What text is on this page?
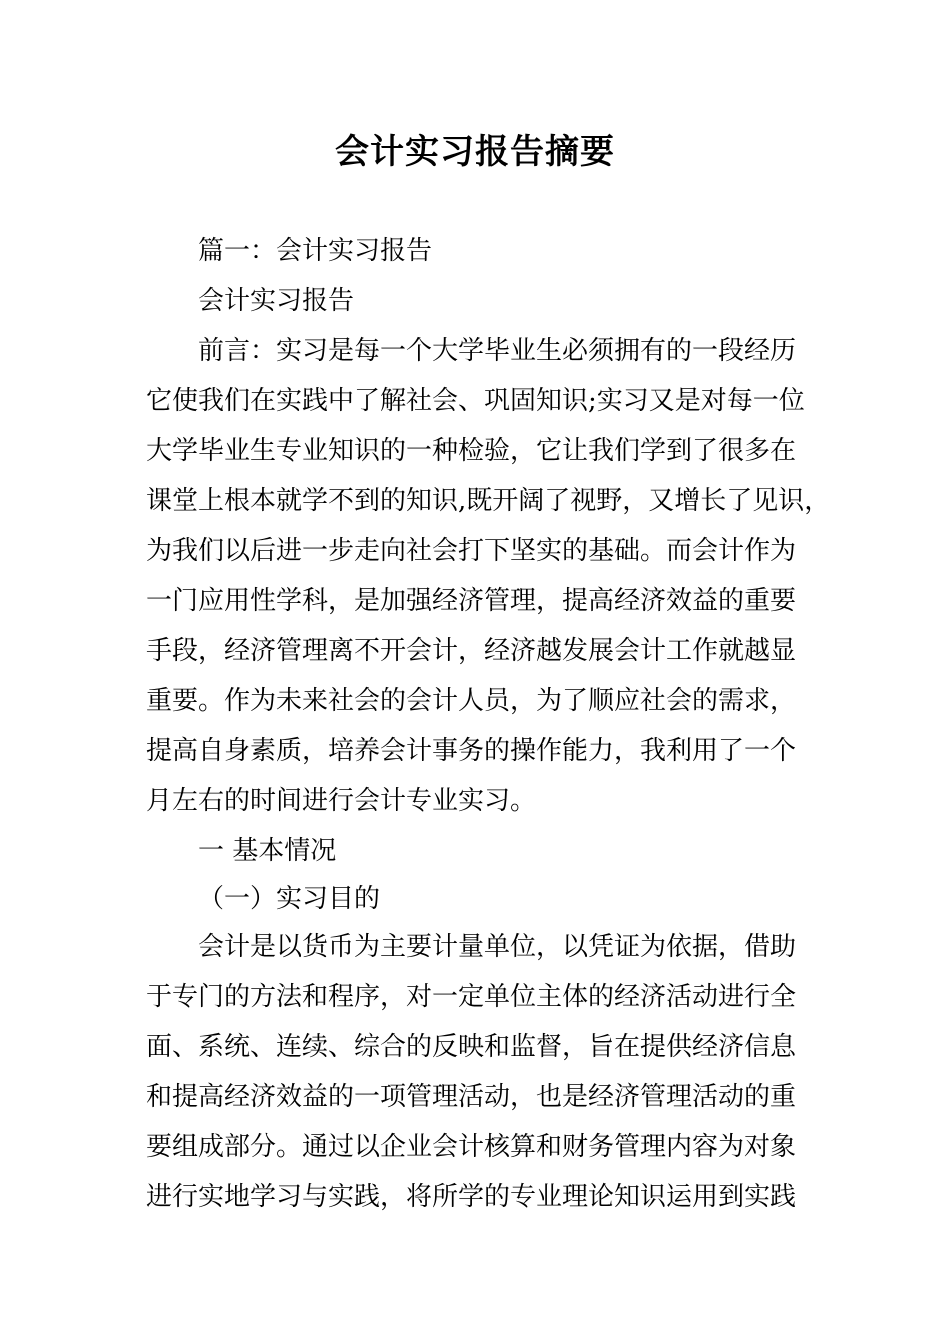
会计实习报告摘要
篇一：会计实习报告
会计实习报告
前言：实习是每一个大学毕业生必须拥有的一段经历
它使我们在实践中了解社会、巩固知识;实习又是对每一位
大学毕业生专业知识的一种检验，它让我们学到了很多在
课堂上根本就学不到的知识,既开阔了视野，又增长了见识，
为我们以后进一步走向社会打下坚实的基础。而会计作为
一门应用性学科，是加强经济管理，提高经济效益的重要
手段，经济管理离不开会计，经济越发展会计工作就越显
重要。作为未来社会的会计人员，为了顺应社会的需求，
提高自身素质，培养会计事务的操作能力，我利用了一个
月左右的时间进行会计专业实习。
一 基本情况
（一）实习目的
会计是以货币为主要计量单位，以凭证为依据，借助
于专门的方法和程序，对一定单位主体的经济活动进行全
面、系统、连续、综合的反映和监督，旨在提供经济信息
和提高经济效益的一项管理活动，也是经济管理活动的重
要组成部分。通过以企业会计核算和财务管理内容为对象
进行实地学习与实践，将所学的专业理论知识运用到实践
